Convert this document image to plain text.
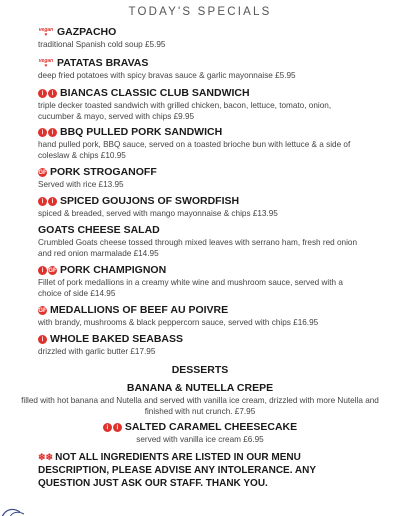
TODAY'S SPECIALS
vegan
♥ GAZPACHO
traditional Spanish cold soup £5.95
vegan
♥ PATATAS BRAVAS
deep fried potatoes with spicy bravas sauce & garlic mayonnaise £5.95
ⅰ	ⅰ BIANCAS CLASSIC CLUB SANDWICH
triple decker toasted sandwich with grilled chicken, bacon, lettuce, tomato, onion, cucumber & mayo, served with chips £9.95
ⅰ	ⅰ BBQ PULLED PORK SANDWICH
hand pulled pork, BBQ sauce, served on a toasted brioche bun with lettuce & a side of coleslaw & chips £10.95
GF PORK STROGANOFF
Served with rice £13.95
ⅰ	ⅰ SPICED GOUJONS OF SWORDFISH
spiced & breaded, served with mango mayonnaise & chips £13.95
GOATS CHEESE SALAD
Crumbled Goats cheese tossed through mixed leaves with serrano ham, fresh red onion and red onion marmalade £14.95
ⅰ GF PORK CHAMPIGNON
Fillet of pork medallions in a creamy white wine and mushroom sauce, served with a choice of side £14.95
GF MEDALLIONS OF BEEF AU POIVRE
with brandy, mushrooms & black peppercorn sauce, served with chips £16.95
ⅰ WHOLE BAKED SEABASS
drizzled with garlic butter £17.95
DESSERTS
BANANA & NUTELLA CREPE
filled with hot banana and Nutella and served with vanilla ice cream, drizzled with more Nutella and finished with nut crunch. £7.95
ⅰ	ⅰ SALTED CARAMEL CHEESECAKE
served with vanilla ice cream £6.95
❄❄ NOT ALL INGREDIENTS ARE LISTED IN OUR MENU DESCRIPTION, PLEASE ADVISE ANY INTOLERANCE. ANY QUESTION JUST ASK OUR STAFF. THANK YOU.
